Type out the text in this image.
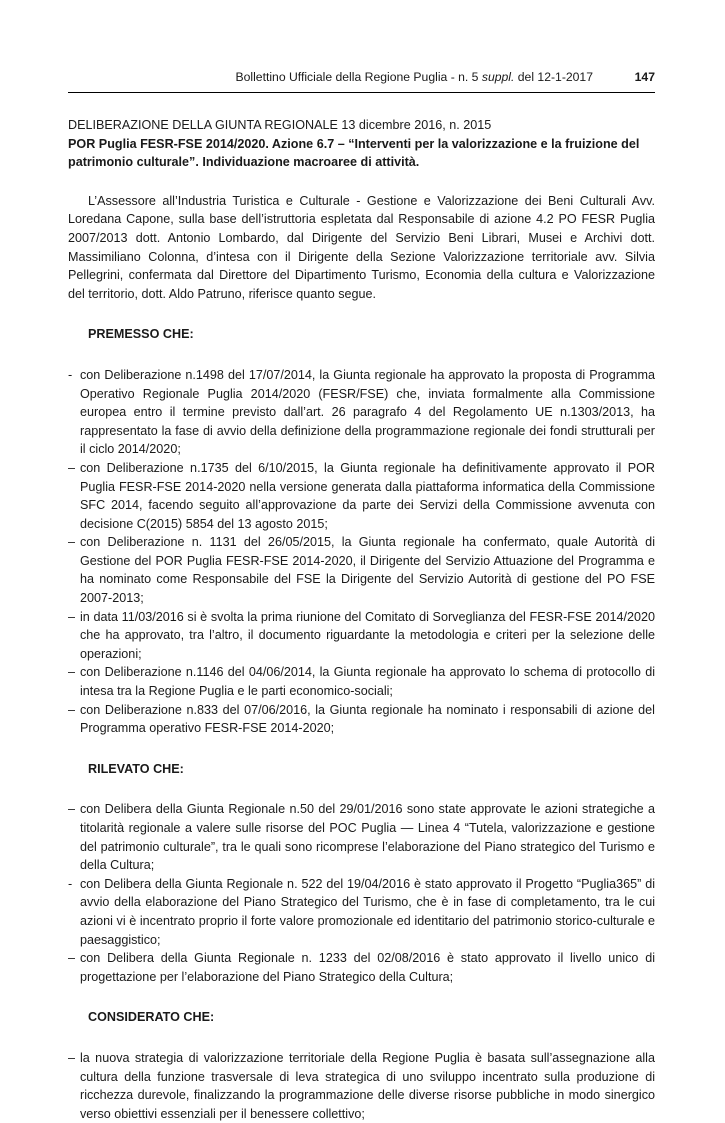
Bollettino Ufficiale della Regione Puglia - n. 5 suppl. del 12-1-2017	147

DELIBERAZIONE DELLA GIUNTA REGIONALE 13 dicembre 2016, n. 2015

POR Puglia FESR-FSE 2014/2020. Azione 6.7 – “Interventi per la valorizzazione e la fruizione del patrimonio culturale”. Individuazione macroaree di attività.

L’Assessore all’Industria Turistica e Culturale - Gestione e Valorizzazione dei Beni Culturali Avv. Loredana Capone, sulla base dell’istruttoria espletata dal Responsabile di azione 4.2 PO FESR Puglia 2007/2013 dott. Antonio Lombardo, dal Dirigente del Servizio Beni Librari, Musei e Archivi dott. Massimiliano Colonna, d’intesa con il Dirigente della Sezione Valorizzazione territoriale avv. Silvia Pellegrini, confermata dal Direttore del Dipartimento Turismo, Economia della cultura e Valorizzazione del territorio, dott. Aldo Patruno, riferisce quanto segue.

PREMESSO CHE:

- con Deliberazione n.1498 del 17/07/2014, la Giunta regionale ha approvato la proposta di Programma Operativo Regionale Puglia 2014/2020 (FESR/FSE) che, inviata formalmente alla Commissione europea entro il termine previsto dall’art. 26 paragrafo 4 del Regolamento UE n.1303/2013, ha rappresentato la fase di avvio della definizione della programmazione regionale dei fondi strutturali per il ciclo 2014/2020;
– con Deliberazione n.1735 del 6/10/2015, la Giunta regionale ha definitivamente approvato il POR Puglia FESR-FSE 2014-2020 nella versione generata dalla piattaforma informatica della Commissione SFC 2014, facendo seguito all’approvazione da parte dei Servizi della Commissione avvenuta con decisione C(2015) 5854 del 13 agosto 2015;
– con Deliberazione n. 1131 del 26/05/2015, la Giunta regionale ha confermato, quale Autorità di Gestione del POR Puglia FESR-FSE 2014-2020, il Dirigente del Servizio Attuazione del Programma e ha nominato come Responsabile del FSE la Dirigente del Servizio Autorità di gestione del PO FSE 2007-2013;
– in data 11/03/2016 si è svolta la prima riunione del Comitato di Sorveglianza del FESR-FSE 2014/2020 che ha approvato, tra l’altro, il documento riguardante la metodologia e criteri per la selezione delle operazioni;
– con Deliberazione n.1146 del 04/06/2014, la Giunta regionale ha approvato lo schema di protocollo di intesa tra la Regione Puglia e le parti economico-sociali;
– con Deliberazione n.833 del 07/06/2016, la Giunta regionale ha nominato i responsabili di azione del Programma operativo FESR-FSE 2014-2020;

RILEVATO CHE:

– con Delibera della Giunta Regionale n.50 del 29/01/2016 sono state approvate le azioni strategiche a titolarità regionale a valere sulle risorse del POC Puglia — Linea 4 “Tutela, valorizzazione e gestione del patrimonio culturale”, tra le quali sono ricomprese l’elaborazione del Piano strategico del Turismo e della Cultura;
- con Delibera della Giunta Regionale n. 522 del 19/04/2016 è stato approvato il Progetto “Puglia365” di avvio della elaborazione del Piano Strategico del Turismo, che è in fase di completamento, tra le cui azioni vi è incentrato proprio il forte valore promozionale ed identitario del patrimonio storico-culturale e paesaggistico;
– con Delibera della Giunta Regionale n. 1233 del 02/08/2016 è stato approvato il livello unico di progettazione per l’elaborazione del Piano Strategico della Cultura;

CONSIDERATO CHE:

– la nuova strategia di valorizzazione territoriale della Regione Puglia è basata sull’assegnazione alla cultura della funzione trasversale di leva strategica di uno sviluppo incentrato sulla produzione di ricchezza durevole, finalizzando la programmazione delle diverse risorse pubbliche in modo sinergico verso obiettivi essenziali per il benessere collettivo;
